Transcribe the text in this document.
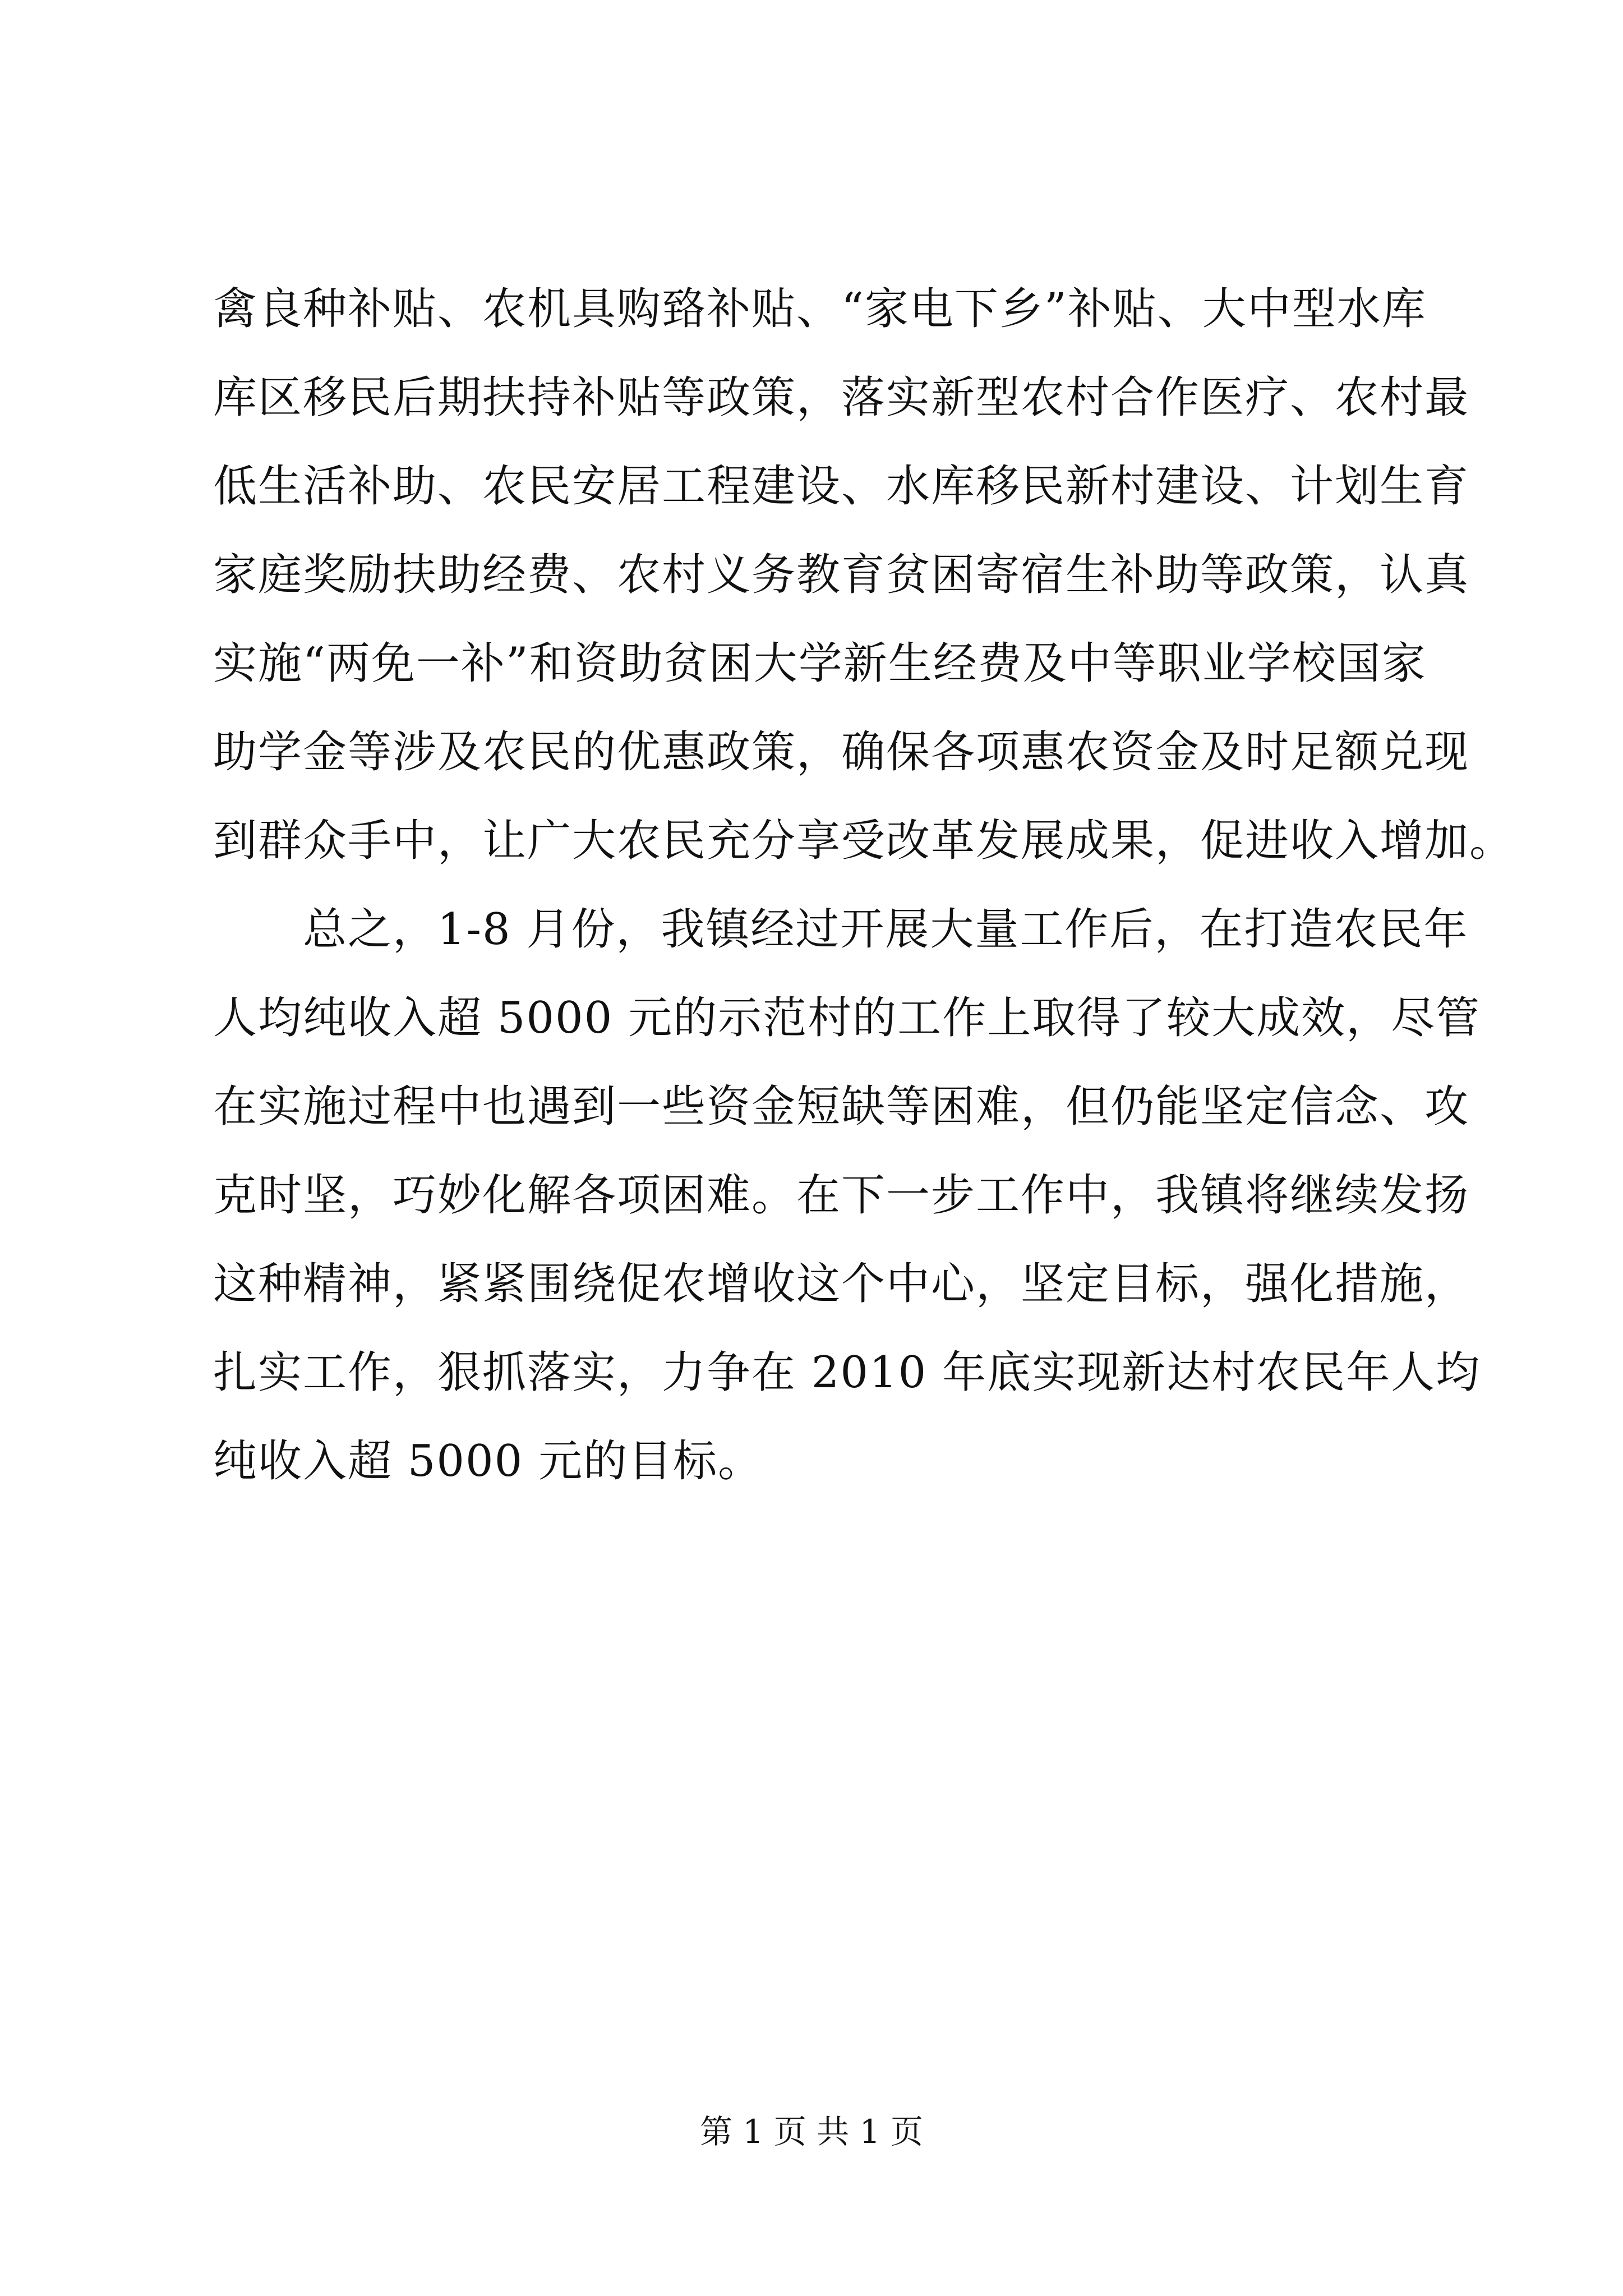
禽良种补贴、农机具购臵补贴、“家电下乡”补贴、大中型水库
库区移民后期扶持补贴等政策，落实新型农村合作医疗、农村最
低生活补助、农民安居工程建设、水库移民新村建设、计划生育
家庭奖励扶助经费、农村义务教育贫困寄宿生补助等政策，认真
实施“两免一补”和资助贫困大学新生经费及中等职业学校国家
助学金等涉及农民的优惠政策，确保各项惠农资金及时足额兑现
到群众手中，让广大农民充分享受改革发展成果，促进收入增加。
总之，1-8 月份，我镇经过开展大量工作后，在打造农民年
人均纯收入超 5000 元的示范村的工作上取得了较大成效，尽管
在实施过程中也遇到一些资金短缺等困难，但仍能坚定信念、攻
克时坚，巧妙化解各项困难。在下一步工作中，我镇将继续发扬
这种精神，紧紧围绕促农增收这个中心，坚定目标，强化措施，
扎实工作，狠抓落实，力争在 2010 年底实现新达村农民年人均
纯收入超 5000 元的目标。
第 1 页 共 1 页
